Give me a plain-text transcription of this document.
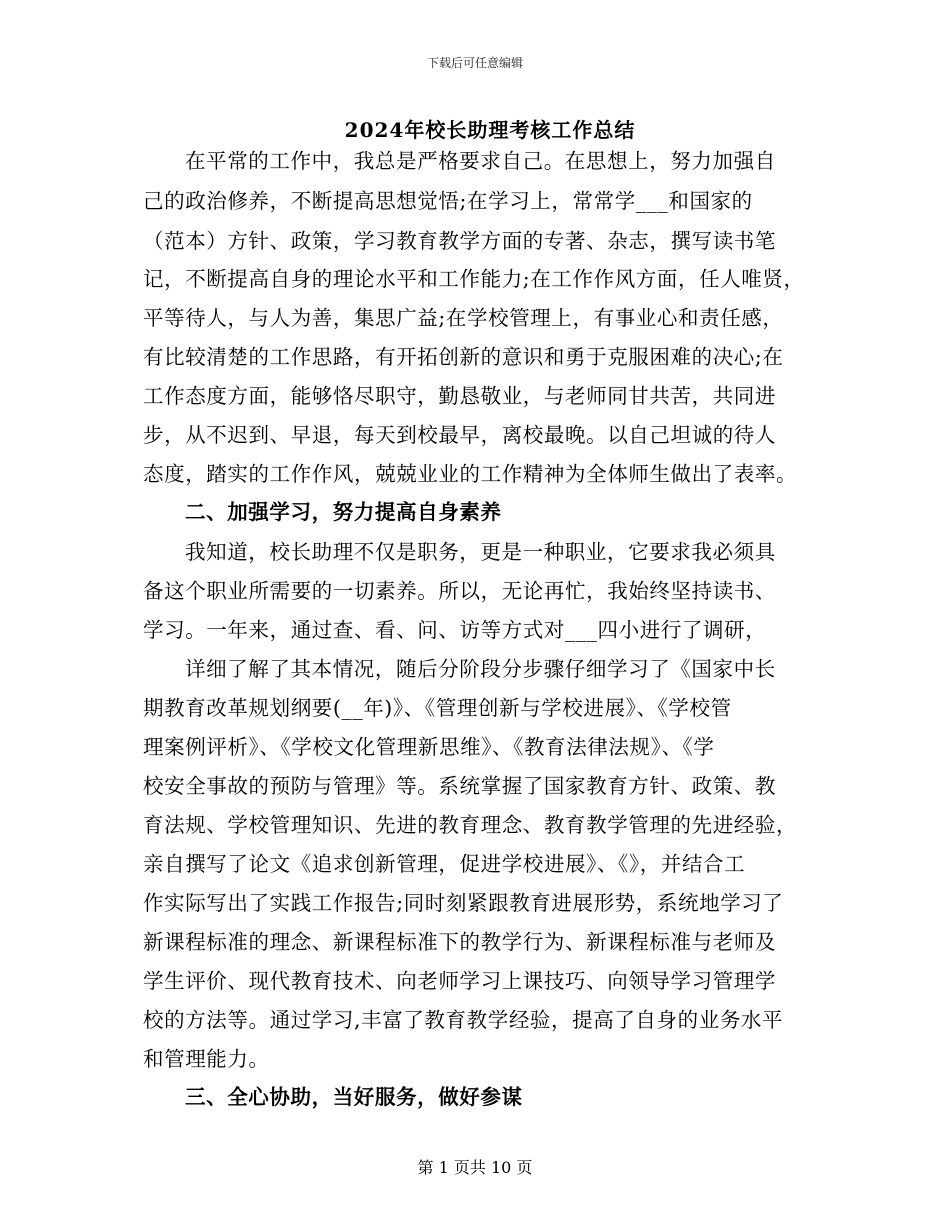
下载后可任意编辑
2024年校长助理考核工作总结
在平常的工作中，我总是严格要求自己。在思想上，努力加强自
己的政治修养，不断提高思想觉悟;在学习上，常常学___和国家的
（范本）方针、政策，学习教育教学方面的专著、杂志，撰写读书笔
记，不断提高自身的理论水平和工作能力;在工作作风方面，任人唯贤，
平等待人，与人为善，集思广益;在学校管理上，有事业心和责任感，
有比较清楚的工作思路，有开拓创新的意识和勇于克服困难的决心;在
工作态度方面，能够恪尽职守，勤恳敬业，与老师同甘共苦，共同进
步，从不迟到、早退，每天到校最早，离校最晚。以自己坦诚的待人
态度，踏实的工作作风，兢兢业业的工作精神为全体师生做出了表率。
二、加强学习，努力提高自身素养
我知道，校长助理不仅是职务，更是一种职业，它要求我必须具
备这个职业所需要的一切素养。所以，无论再忙，我始终坚持读书、
学习。一年来，通过查、看、问、访等方式对___四小进行了调研，
详细了解了其本情况，随后分阶段分步骤仔细学习了《国家中长
期教育改革规划纲要(__年)》、《管理创新与学校进展》、《学校管
理案例评析》、《学校文化管理新思维》、《教育法律法规》、《学
校安全事故的预防与管理》等。系统掌握了国家教育方针、政策、教
育法规、学校管理知识、先进的教育理念、教育教学管理的先进经验，
亲自撰写了论文《追求创新管理，促进学校进展》、《》，并结合工
作实际写出了实践工作报告;同时刻紧跟教育进展形势，系统地学习了
新课程标准的理念、新课程标准下的教学行为、新课程标准与老师及
学生评价、现代教育技术、向老师学习上课技巧、向领导学习管理学
校的方法等。通过学习,丰富了教育教学经验，提高了自身的业务水平
和管理能力。
三、全心协助，当好服务，做好参谋
第 1 页共 10 页
